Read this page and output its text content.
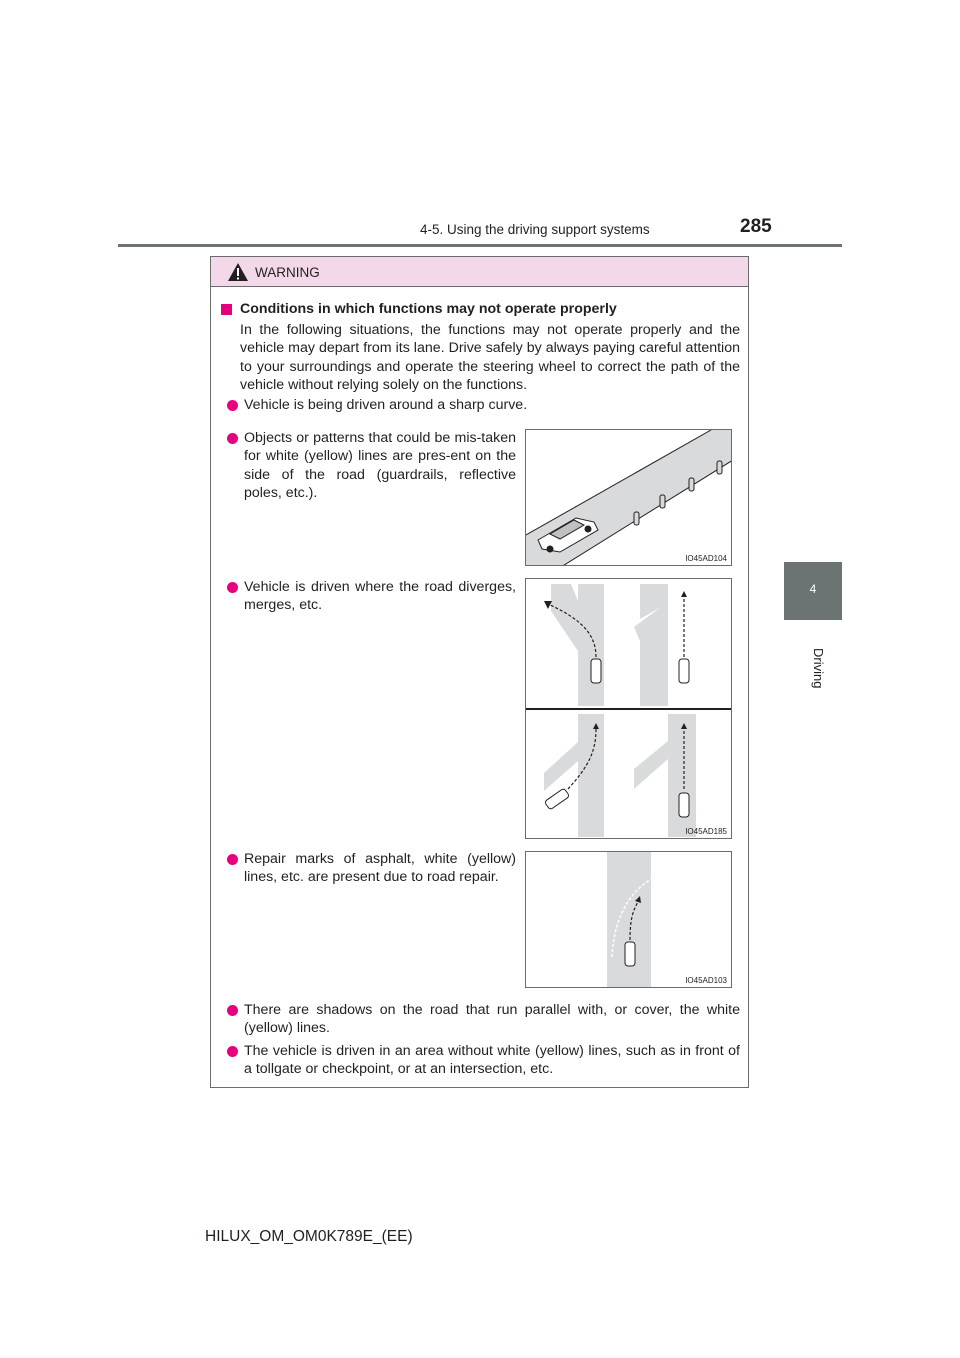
4-5. Using the driving support systems	285
4
Driving
WARNING
Conditions in which functions may not operate properly
In the following situations, the functions may not operate properly and the vehicle may depart from its lane. Drive safely by always paying careful attention to your surroundings and operate the steering wheel to correct the path of the vehicle without relying solely on the functions.
Vehicle is being driven around a sharp curve.
Objects or patterns that could be mis-taken for white (yellow) lines are pres-ent on the side of the road (guardrails, reflective poles, etc.).
IO45AD104
Vehicle is driven where the road diverges, merges, etc.
IO45AD185
Repair marks of asphalt, white (yellow) lines, etc. are present due to road repair.
IO45AD103
There are shadows on the road that run parallel with, or cover, the white (yellow) lines.
The vehicle is driven in an area without white (yellow) lines, such as in front of a tollgate or checkpoint, or at an intersection, etc.
HILUX_OM_OM0K789E_(EE)
